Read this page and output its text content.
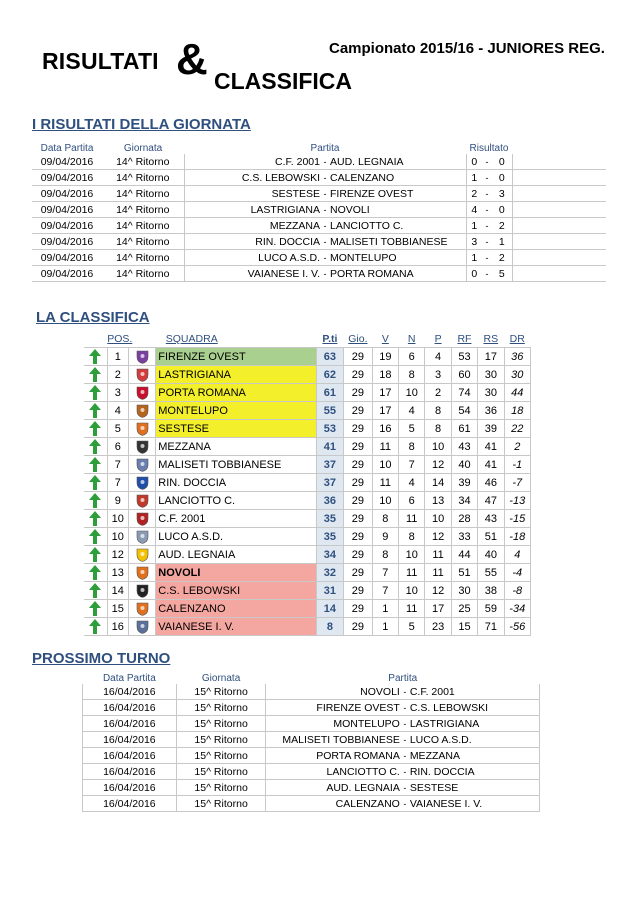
RISULTATI & CLASSIFICA
Campionato 2015/16 - JUNIORES REG.
I RISULTATI DELLA GIORNATA
Data Partita	Giornata	Partita			Risultato			
09/04/2016	14^ Ritorno	C.F. 2001	-	AUD. LEGNAIA	0	-	0	
09/04/2016	14^ Ritorno	C.S. LEBOWSKI	-	CALENZANO	1	-	0	
09/04/2016	14^ Ritorno	SESTESE	-	FIRENZE OVEST	2	-	3	
09/04/2016	14^ Ritorno	LASTRIGIANA	-	NOVOLI	4	-	0	
09/04/2016	14^ Ritorno	MEZZANA	-	LANCIOTTO C.	1	-	2	
09/04/2016	14^ Ritorno	RIN. DOCCIA	-	MALISETI TOBBIANESE	3	-	1	
09/04/2016	14^ Ritorno	LUCO A.S.D.	-	MONTELUPO	1	-	2	
09/04/2016	14^ Ritorno	VAIANESE I. V.	-	PORTA ROMANA	0	-	5	
LA CLASSIFICA
	POS.		SQUADRA	P.ti	Gio.	V	N	P	RF	RS	DR

	1		FIRENZE OVEST	63	29	19	6	4	53	17	36

	2		LASTRIGIANA	62	29	18	8	3	60	30	30

	3		PORTA ROMANA	61	29	17	10	2	74	30	44

	4		MONTELUPO	55	29	17	4	8	54	36	18

	5		SESTESE	53	29	16	5	8	61	39	22

	6		MEZZANA	41	29	11	8	10	43	41	2

	7		MALISETI TOBBIANESE	37	29	10	7	12	40	41	-1

	7		RIN. DOCCIA	37	29	11	4	14	39	46	-7

	9		LANCIOTTO C.	36	29	10	6	13	34	47	-13

	10		C.F. 2001	35	29	8	11	10	28	43	-15

	10		LUCO A.S.D.	35	29	9	8	12	33	51	-18

	12		AUD. LEGNAIA	34	29	8	10	11	44	40	4

	13		NOVOLI	32	29	7	11	11	51	55	-4

	14		C.S. LEBOWSKI	31	29	7	10	12	30	38	-8

	15		CALENZANO	14	29	1	11	17	25	59	-34

	16		VAIANESE I. V.	8	29	1	5	23	15	71	-56
PROSSIMO TURNO
Data Partita	Giornata	Partita		
16/04/2016	15^ Ritorno	NOVOLI	-	C.F. 2001
16/04/2016	15^ Ritorno	FIRENZE OVEST	-	C.S. LEBOWSKI
16/04/2016	15^ Ritorno	MONTELUPO	-	LASTRIGIANA
16/04/2016	15^ Ritorno	MALISETI TOBBIANESE	-	LUCO A.S.D.
16/04/2016	15^ Ritorno	PORTA ROMANA	-	MEZZANA
16/04/2016	15^ Ritorno	LANCIOTTO C.	-	RIN. DOCCIA
16/04/2016	15^ Ritorno	AUD. LEGNAIA	-	SESTESE
16/04/2016	15^ Ritorno	CALENZANO	-	VAIANESE I. V.
